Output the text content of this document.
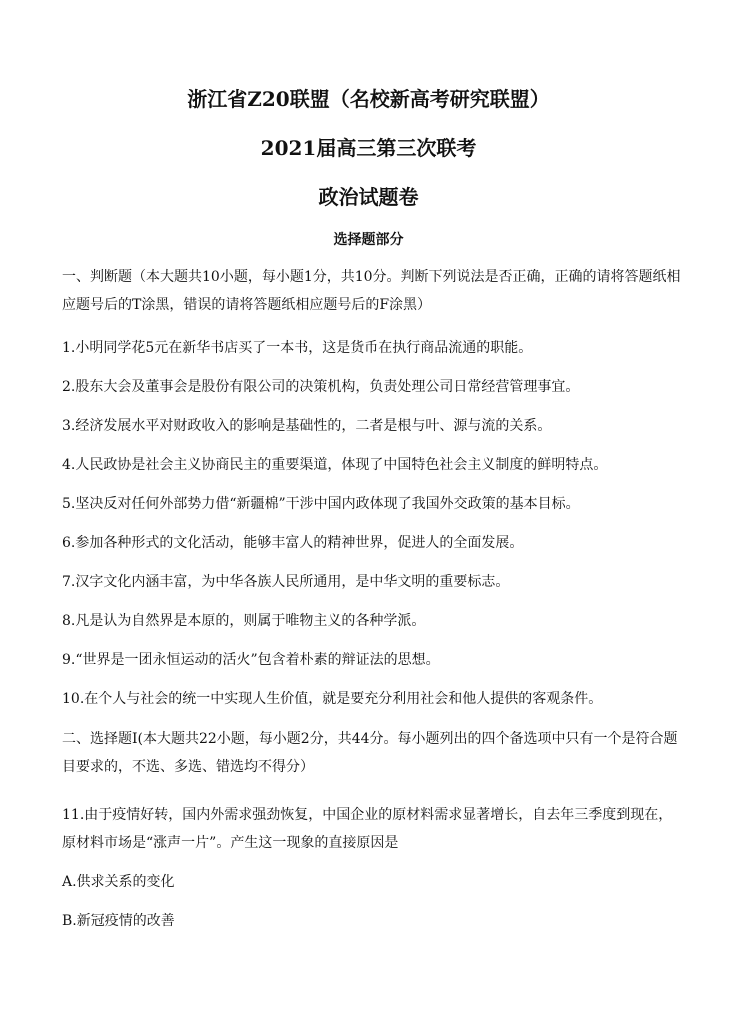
浙江省Z20联盟（名校新高考研究联盟）
2021届高三第三次联考
政治试题卷
选择题部分
一、判断题（本大题共10小题，每小题1分，共10分。判断下列说法是否正确，正确的请将答题纸相应题号后的T涂黑，错误的请将答题纸相应题号后的F涂黑）
1.小明同学花5元在新华书店买了一本书，这是货币在执行商品流通的职能。
2.股东大会及董事会是股份有限公司的决策机构，负责处理公司日常经营管理事宜。
3.经济发展水平对财政收入的影响是基础性的，二者是根与叶、源与流的关系。
4.人民政协是社会主义协商民主的重要渠道，体现了中国特色社会主义制度的鲜明特点。
5.坚决反对任何外部势力借“新疆棉”干涉中国内政体现了我国外交政策的基本目标。
6.参加各种形式的文化活动，能够丰富人的精神世界，促进人的全面发展。
7.汉字文化内涵丰富，为中华各族人民所通用，是中华文明的重要标志。
8.凡是认为自然界是本原的，则属于唯物主义的各种学派。
9.“世界是一团永恒运动的活火”包含着朴素的辩证法的思想。
10.在个人与社会的统一中实现人生价值，就是要充分利用社会和他人提供的客观条件。
二、选择题Ⅰ(本大题共22小题，每小题2分，共44分。每小题列出的四个备选项中只有一个是符合题目要求的，不选、多选、错选均不得分）
11.由于疫情好转，国内外需求强劲恢复，中国企业的原材料需求显著增长，自去年三季度到现在，原材料市场是“涨声一片”。产生这一现象的直接原因是
A.供求关系的变化
B.新冠疫情的改善
